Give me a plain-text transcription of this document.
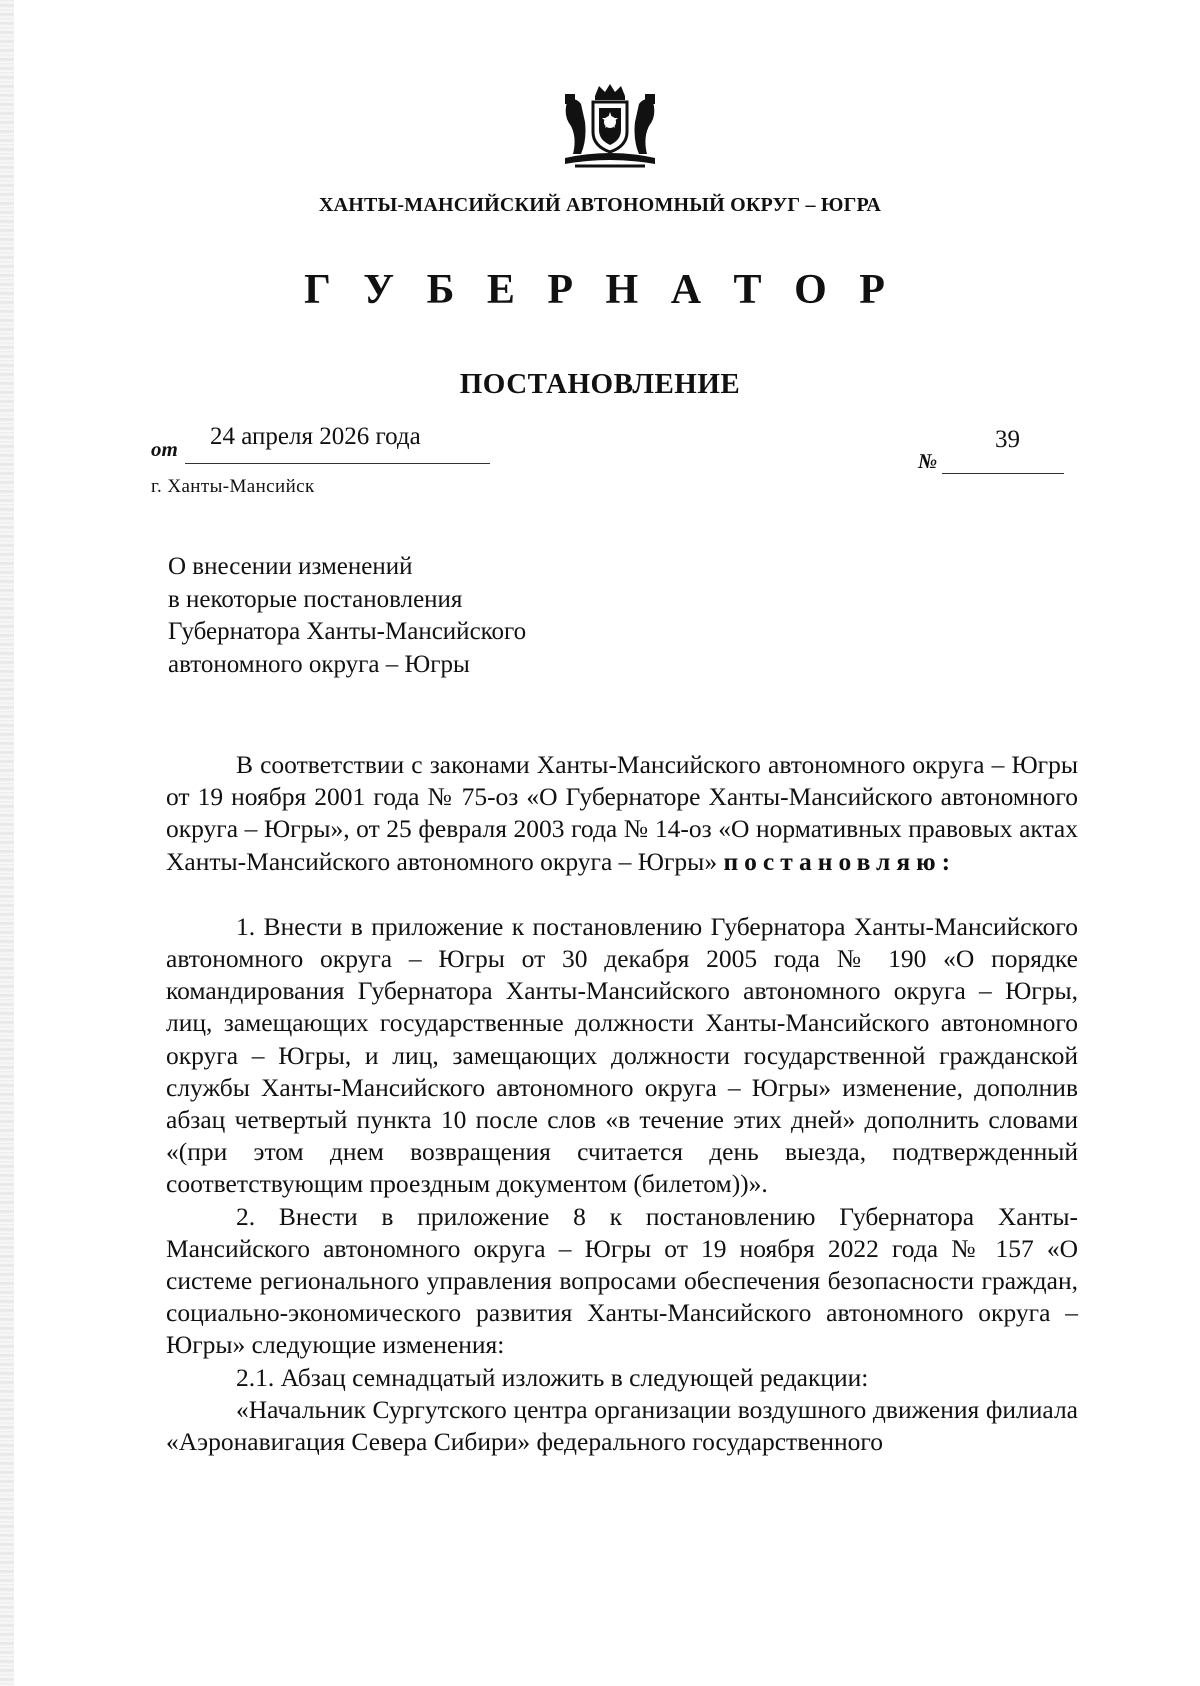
ХАНТЫ-МАНСИЙСКИЙ АВТОНОМНЫЙ ОКРУГ – ЮГРА
Г У Б Е Р Н А Т О Р
ПОСТАНОВЛЕНИЕ
от 24 апреля 2026 года
№
39
г. Ханты-Мансийск
О внесении изменений
в некоторые постановления
Губернатора Ханты-Мансийского
автономного округа – Югры

В соответствии с законами Ханты-Мансийского автономного округа – Югры от 19 ноября 2001 года № 75-оз «О Губернаторе Ханты-Мансийского автономного округа – Югры», от 25 февраля 2003 года № 14-оз «О нормативных правовых актах Ханты-Мансийского автономного округа – Югры» постановляю:

1. Внести в приложение к постановлению Губернатора Ханты-Мансийского автономного округа – Югры от 30 декабря 2005 года № 190 «О порядке командирования Губернатора Ханты-Мансийского автономного округа – Югры, лиц, замещающих государственные должности Ханты-Мансийского автономного округа – Югры, и лиц, замещающих должности государственной гражданской службы Ханты-Мансийского автономного округа – Югры» изменение, дополнив абзац четвертый пункта 10 после слов «в течение этих дней» дополнить словами «(при этом днем возвращения считается день выезда, подтвержденный соответствующим проездным документом (билетом))».

2. Внести в приложение 8 к постановлению Губернатора Ханты-Мансийского автономного округа – Югры от 19 ноября 2022 года № 157 «О системе регионального управления вопросами обеспечения безопасности граждан, социально-экономического развития Ханты-Мансийского автономного округа – Югры» следующие изменения:

2.1. Абзац семнадцатый изложить в следующей редакции:

«Начальник Сургутского центра организации воздушного движения филиала «Аэронавигация Севера Сибири» федерального государственного
